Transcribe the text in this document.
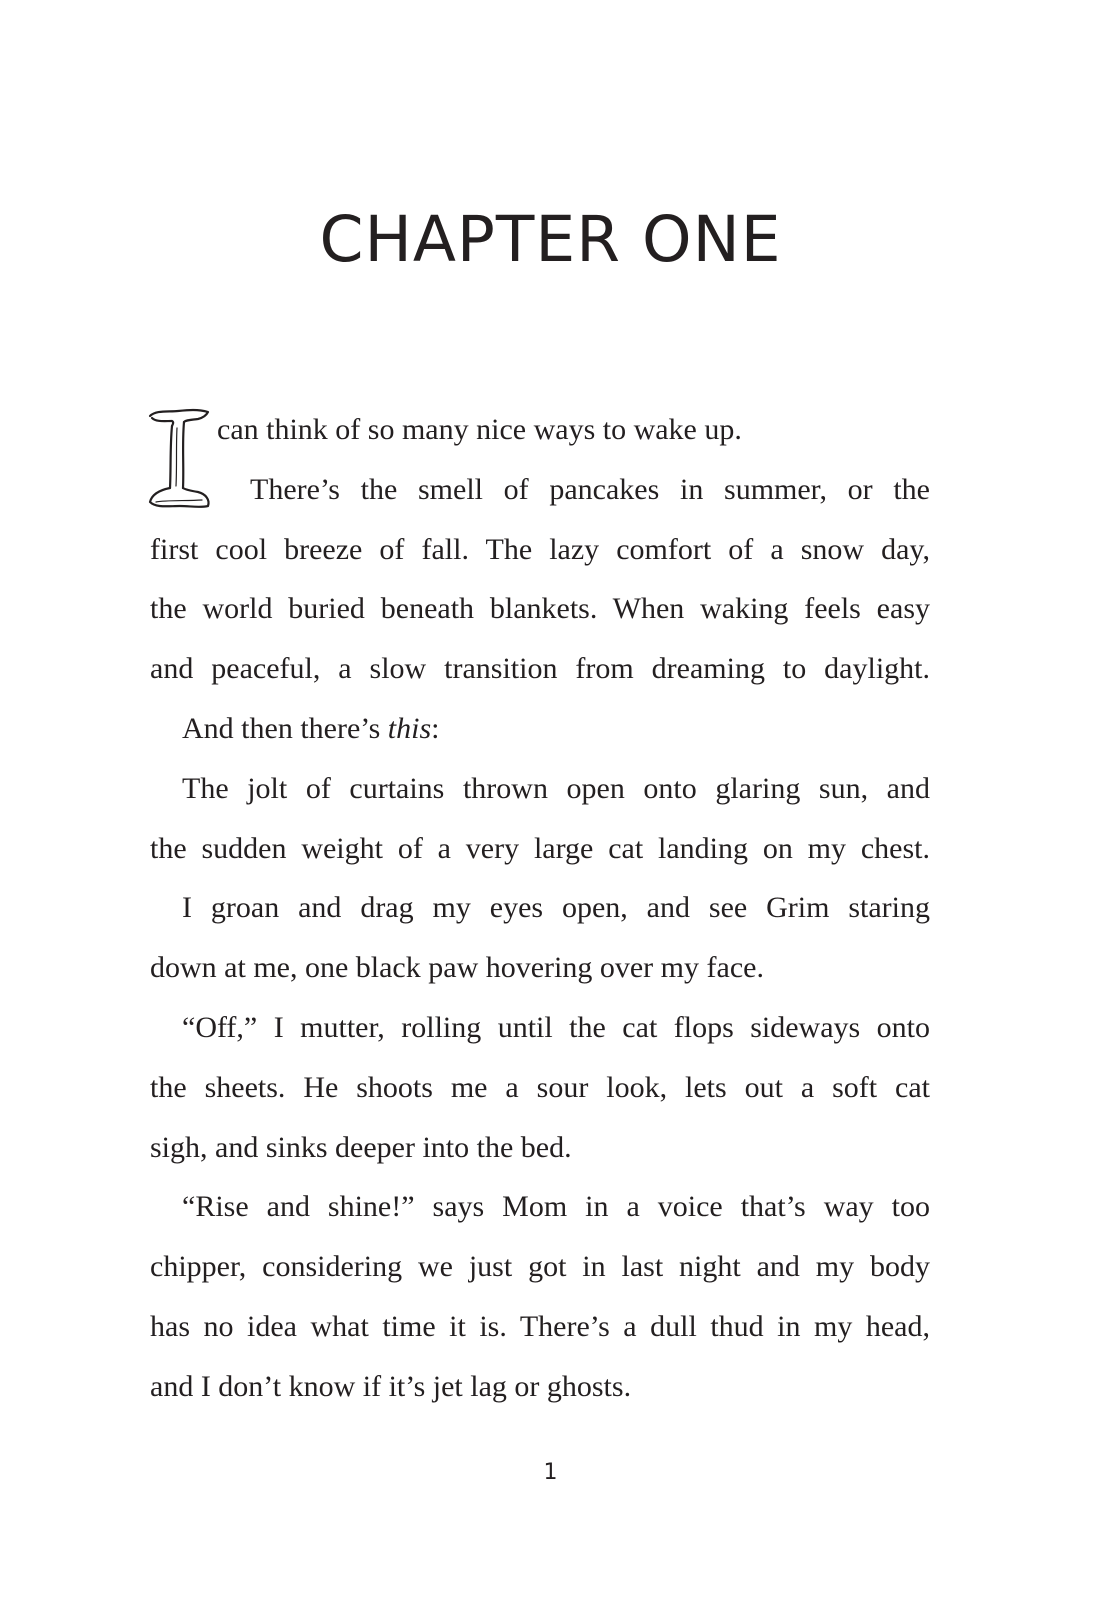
CHAPTER ONE
can think of so many nice ways to wake up.
There’s the smell of pancakes in summer, or the
first cool breeze of fall. The lazy comfort of a snow day,
the world buried beneath blankets. When waking feels easy
and peaceful, a slow transition from dreaming to daylight.
And then there’s this:
The jolt of curtains thrown open onto glaring sun, and
the sudden weight of a very large cat landing on my chest.
I groan and drag my eyes open, and see Grim staring
down at me, one black paw hovering over my face.
“Off,” I mutter, rolling until the cat flops sideways onto
the sheets. He shoots me a sour look, lets out a soft cat
sigh, and sinks deeper into the bed.
“Rise and shine!” says Mom in a voice that’s way too
chipper, considering we just got in last night and my body
has no idea what time it is. There’s a dull thud in my head,
and I don’t know if it’s jet lag or ghosts.
1
